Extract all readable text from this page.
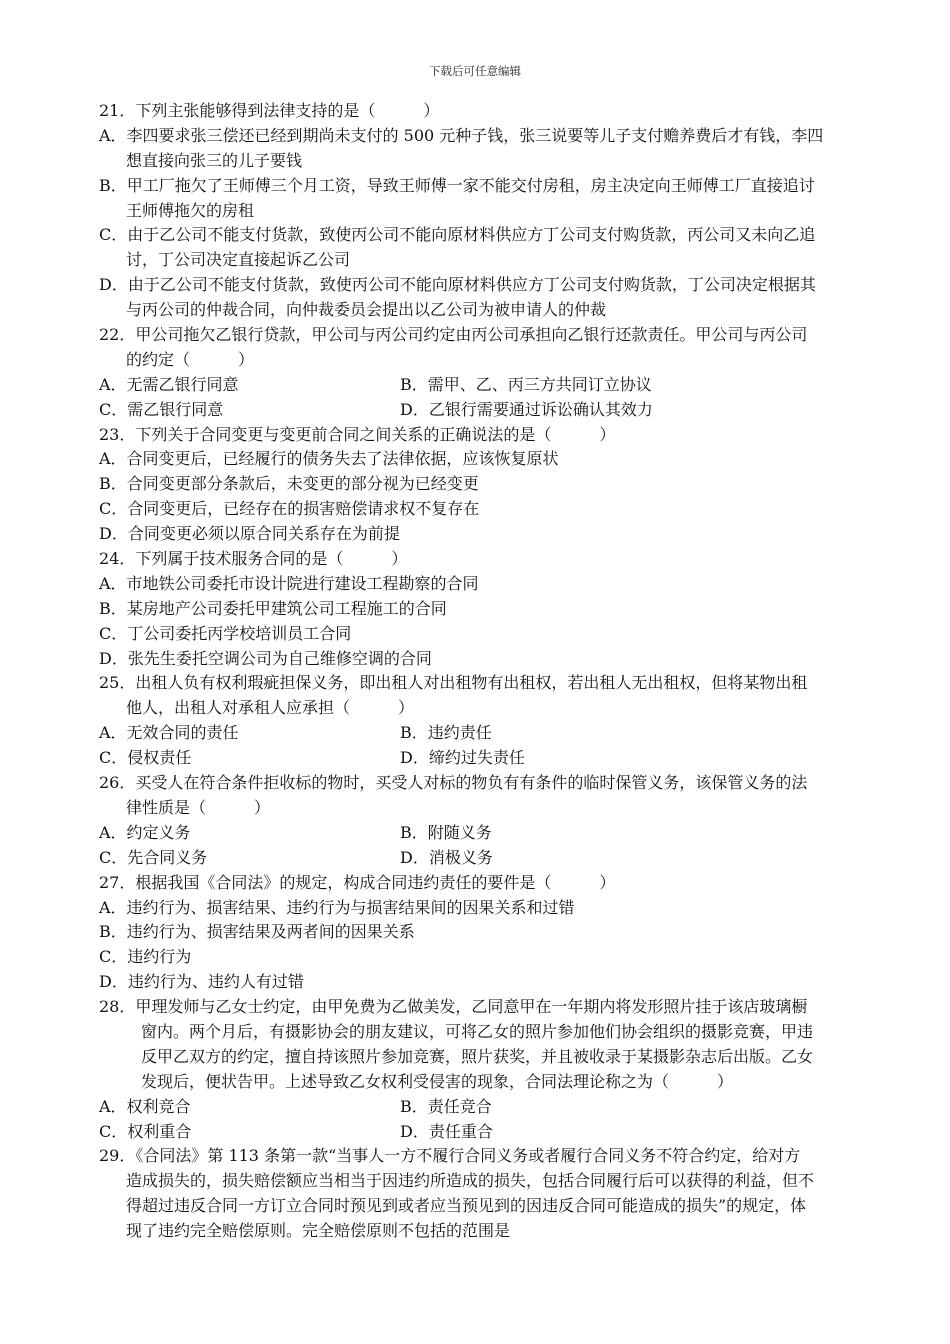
下载后可任意编辑
21．下列主张能够得到法律支持的是（　　　）
A．李四要求张三偿还已经到期尚未支付的 500 元种子钱，张三说要等儿子支付赡养费后才有钱，李四
想直接向张三的儿子要钱
B．甲工厂拖欠了王师傅三个月工资，导致王师傅一家不能交付房租，房主决定向王师傅工厂直接追讨
王师傅拖欠的房租
C．由于乙公司不能支付货款，致使丙公司不能向原材料供应方丁公司支付购货款，丙公司又未向乙追
讨，丁公司决定直接起诉乙公司
D．由于乙公司不能支付货款，致使丙公司不能向原材料供应方丁公司支付购货款，丁公司决定根据其
与丙公司的仲裁合同，向仲裁委员会提出以乙公司为被申请人的仲裁
22．甲公司拖欠乙银行贷款，甲公司与丙公司约定由丙公司承担向乙银行还款责任。甲公司与丙公司
的约定（　　　）
A．无需乙银行同意	B．需甲、乙、丙三方共同订立协议
C．需乙银行同意	D．乙银行需要通过诉讼确认其效力
23．下列关于合同变更与变更前合同之间关系的正确说法的是（　　　）
A．合同变更后，已经履行的债务失去了法律依据，应该恢复原状
B．合同变更部分条款后，未变更的部分视为已经变更
C．合同变更后，已经存在的损害赔偿请求权不复存在
D．合同变更必须以原合同关系存在为前提
24．下列属于技术服务合同的是（　　　）
A．市地铁公司委托市设计院进行建设工程勘察的合同
B．某房地产公司委托甲建筑公司工程施工的合同
C．丁公司委托丙学校培训员工合同
D．张先生委托空调公司为自己维修空调的合同
25．出租人负有权利瑕疵担保义务，即出租人对出租物有出租权，若出租人无出租权，但将某物出租
他人，出租人对承租人应承担（　　　）
A．无效合同的责任	B．违约责任
C．侵权责任	D．缔约过失责任
26．买受人在符合条件拒收标的物时，买受人对标的物负有有条件的临时保管义务，该保管义务的法
律性质是（　　　）
A．约定义务	B．附随义务
C．先合同义务	D．消极义务
27．根据我国《合同法》的规定，构成合同违约责任的要件是（　　　）
A．违约行为、损害结果、违约行为与损害结果间的因果关系和过错
B．违约行为、损害结果及两者间的因果关系
C．违约行为
D．违约行为、违约人有过错
28．甲理发师与乙女士约定，由甲免费为乙做美发，乙同意甲在一年期内将发形照片挂于该店玻璃橱
窗内。两个月后，有摄影协会的朋友建议，可将乙女的照片参加他们协会组织的摄影竞赛，甲违
反甲乙双方的约定，擅自持该照片参加竞赛，照片获奖，并且被收录于某摄影杂志后出版。乙女
发现后，便状告甲。上述导致乙女权利受侵害的现象，合同法理论称之为（　　　）
A．权利竞合	B．责任竞合
C．权利重合	D．责任重合
29．《合同法》第 113 条第一款“当事人一方不履行合同义务或者履行合同义务不符合约定，给对方
造成损失的，损失赔偿额应当相当于因违约所造成的损失，包括合同履行后可以获得的利益，但不
得超过违反合同一方订立合同时预见到或者应当预见到的因违反合同可能造成的损失”的规定，体
现了违约完全赔偿原则。完全赔偿原则不包括的范围是
